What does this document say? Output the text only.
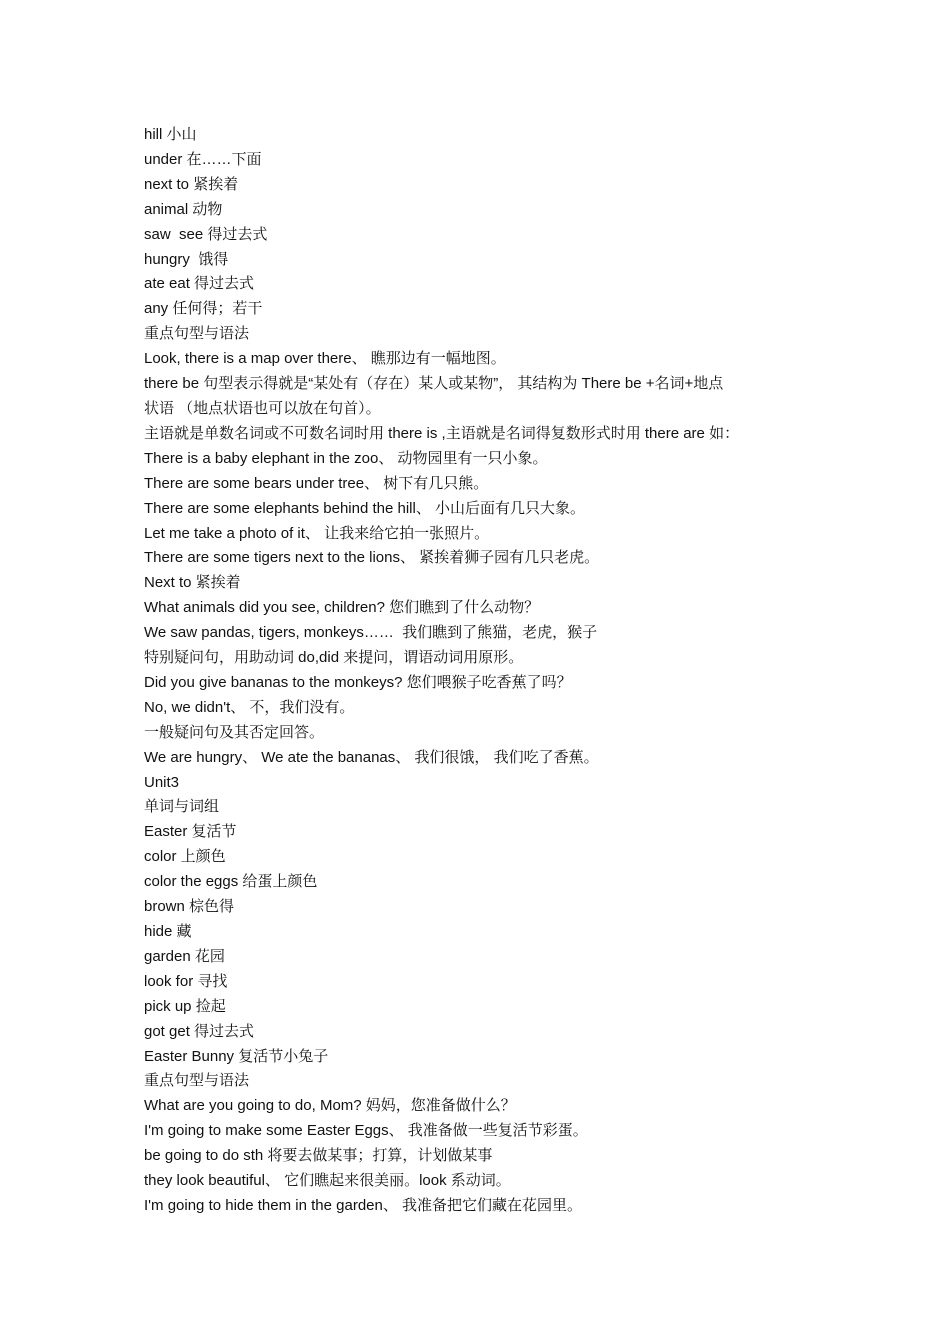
hill 小山

under 在……下面

next to 紧挨着

animal 动物

saw  see 得过去式

hungry  饿得

ate eat 得过去式

any 任何得；若干

重点句型与语法

Look, there is a map over there、 瞧那边有一幅地图。

there be 句型表示得就是“某处有（存在）某人或某物”， 其结构为 There be +名词+地点

状语 （地点状语也可以放在句首）。

主语就是单数名词或不可数名词时用 there is ,主语就是名词得复数形式时用 there are 如：

There is a baby elephant in the zoo、 动物园里有一只小象。

There are some bears under tree、 树下有几只熊。

There are some elephants behind the hill、 小山后面有几只大象。

Let me take a photo of it、 让我来给它拍一张照片。

There are some tigers next to the lions、 紧挨着狮子园有几只老虎。

Next to 紧挨着

What animals did you see, children? 您们瞧到了什么动物？

We saw pandas, tigers, monkeys……  我们瞧到了熊猫，老虎，猴子

特别疑问句，用助动词 do,did 来提问，谓语动词用原形。

Did you give bananas to the monkeys? 您们喂猴子吃香蕉了吗？

No, we didn't、 不，我们没有。

一般疑问句及其否定回答。

We are hungry、 We ate the bananas、 我们很饿， 我们吃了香蕉。

Unit3

单词与词组

Easter 复活节

color 上颜色

color the eggs 给蛋上颜色

brown 棕色得

hide 藏

garden 花园

look for 寻找

pick up 捡起

got get 得过去式

Easter Bunny 复活节小兔子

重点句型与语法

What are you going to do, Mom? 妈妈，您准备做什么？

I'm going to make some Easter Eggs、 我准备做一些复活节彩蛋。

be going to do sth 将要去做某事；打算，计划做某事

they look beautiful、 它们瞧起来很美丽。look 系动词。

I'm going to hide them in the garden、 我准备把它们藏在花园里。
